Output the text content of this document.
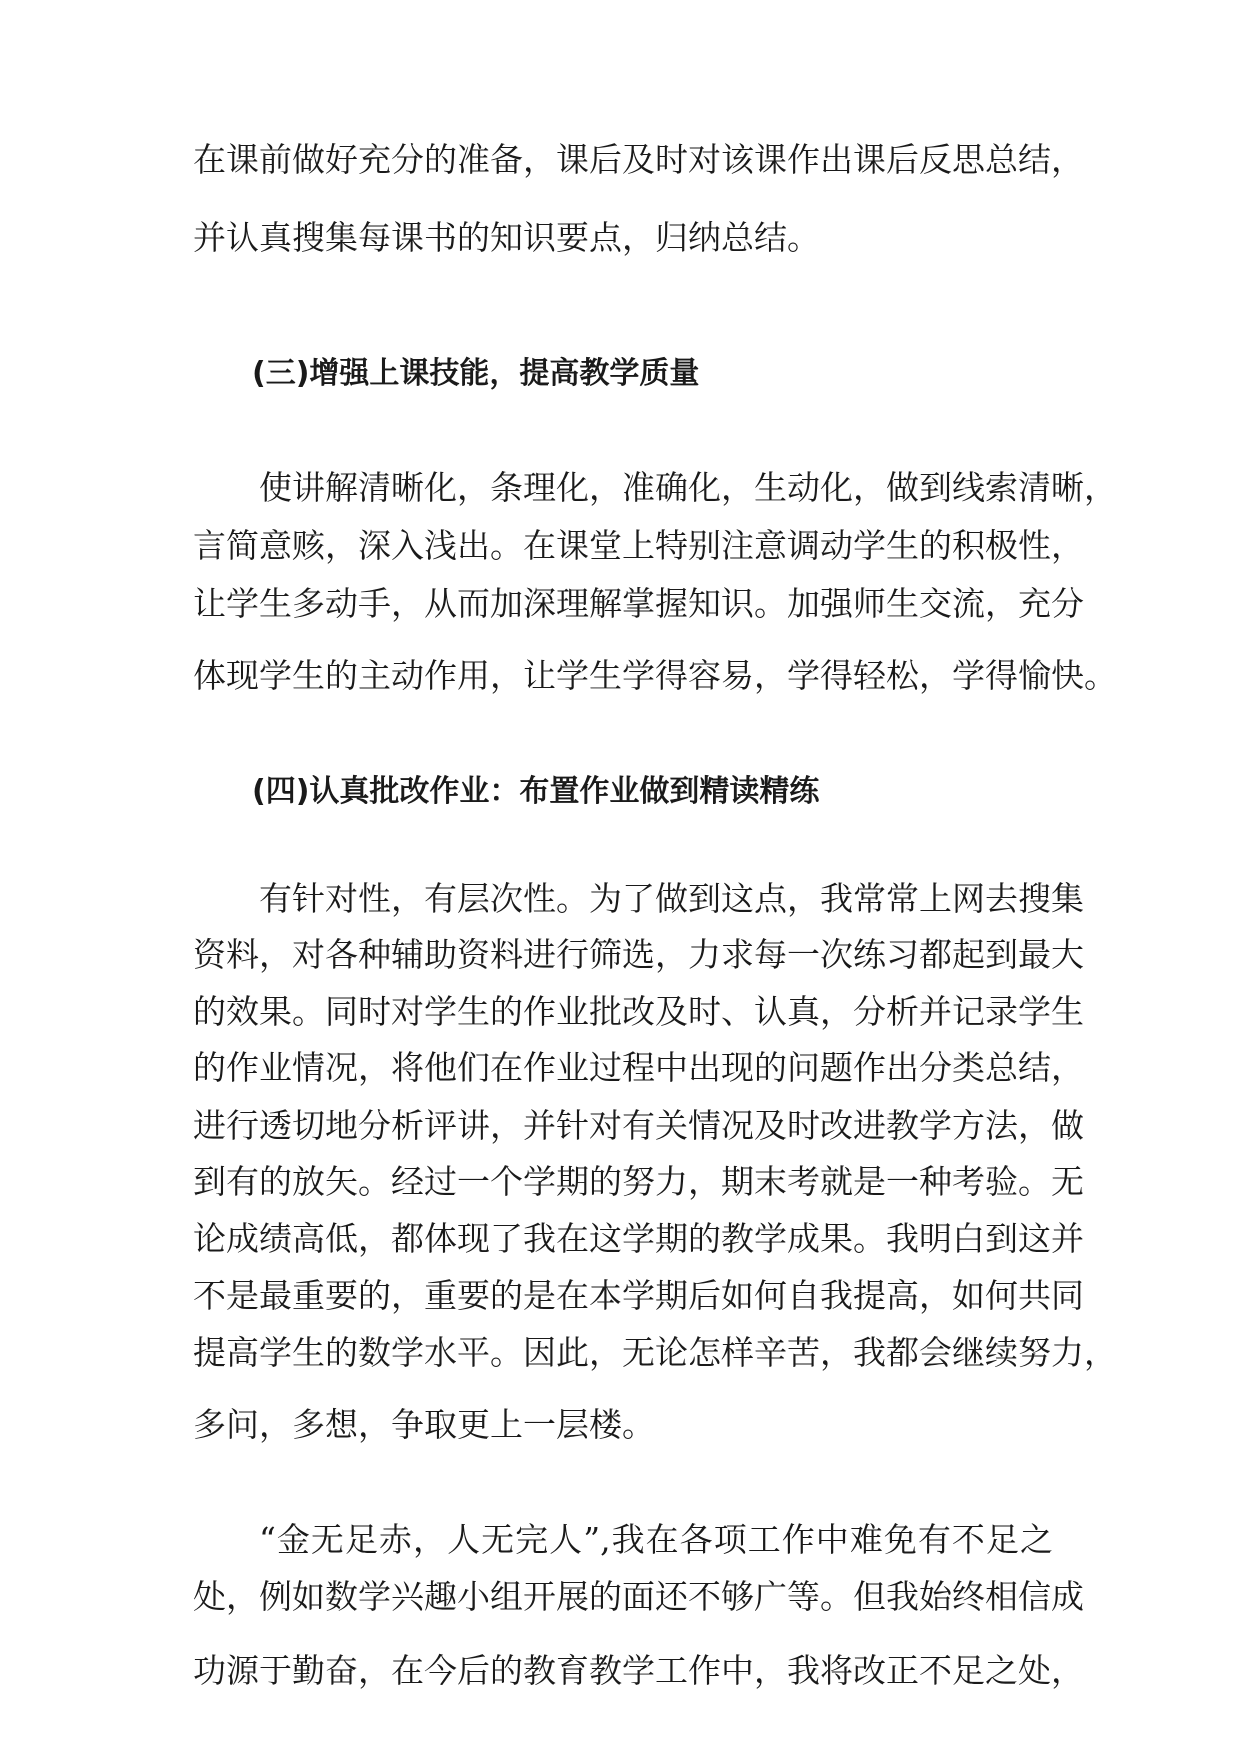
在课前做好充分的准备，课后及时对该课作出课后反思总结，
并认真搜集每课书的知识要点，归纳总结。
(三)增强上课技能，提高教学质量
使讲解清晰化，条理化，准确化，生动化，做到线索清晰，
言简意赅，深入浅出。在课堂上特别注意调动学生的积极性，
让学生多动手，从而加深理解掌握知识。加强师生交流，充分
体现学生的主动作用，让学生学得容易，学得轻松，学得愉快。
(四)认真批改作业：布置作业做到精读精练
有针对性，有层次性。为了做到这点，我常常上网去搜集
资料，对各种辅助资料进行筛选，力求每一次练习都起到最大
的效果。同时对学生的作业批改及时、认真，分析并记录学生
的作业情况，将他们在作业过程中出现的问题作出分类总结，
进行透切地分析评讲，并针对有关情况及时改进教学方法，做
到有的放矢。经过一个学期的努力，期末考就是一种考验。无
论成绩高低，都体现了我在这学期的教学成果。我明白到这并
不是最重要的，重要的是在本学期后如何自我提高，如何共同
提高学生的数学水平。因此，无论怎样辛苦，我都会继续努力，
多问，多想，争取更上一层楼。
“金无足赤，人无完人”,我在各项工作中难免有不足之
处，例如数学兴趣小组开展的面还不够广等。但我始终相信成
功源于勤奋，在今后的教育教学工作中，我将改正不足之处，
